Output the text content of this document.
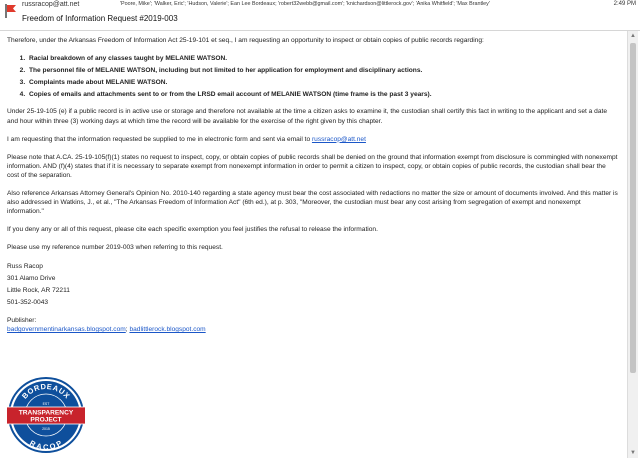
russracop@att.net	'Poore, Mike'; 'Walker, Eric'; 'Hudson, Valerie'; Ean Lee Bordeaux; 'robert32webb@gmail.com'; 'knichardson@littlerock.gov'; 'Anika Whitfield'; 'Max Brantley'	2:49 PM
Freedom of Information Request #2019-003

Therefore, under the Arkansas Freedom of Information Act 25-19-101 et seq., I am requesting an opportunity to inspect or obtain copies of public records regarding:

1. Racial breakdown of any classes taught by MELANIE WATSON.
2. The personnel file of MELANIE WATSON, including but not limited to her application for employment and disciplinary actions.
3. Complaints made about MELANIE WATSON.
4. Copies of emails and attachments sent to or from the LRSD email account of MELANIE WATSON (time frame is the past 3 years).

Under 25-19-105 (e) if a public record is in active use or storage and therefore not available at the time a citizen asks to examine it, the custodian shall certify this fact in writing to the applicant and set a date and hour within three (3) working days at which time the record will be available for the exercise of the right given by this chapter.

I am requesting that the information requested be supplied to me in electronic form and sent via email to russracop@att.net

Please note that A.CA. 25-19-105(f)(1) states no request to inspect, copy, or obtain copies of public records shall be denied on the ground that information exempt from disclosure is commingled with nonexempt information. AND (f)(4) states that if it is necessary to separate exempt from nonexempt information in order to permit a citizen to inspect, copy, or obtain copies of public records, the custodian shall bear the cost of the separation.

Also reference Arkansas Attorney General's Opinion No. 2010-140 regarding a state agency must bear the cost associated with redactions no matter the size or amount of documents involved. And this matter is also addressed in Watkins, J., et al., "The Arkansas Freedom of Information Act" (6th ed.), at p. 303, "Moreover, the custodian must bear any cost arising from segregation of exempt and nonexempt information."

If you deny any or all of this request, please cite each specific exemption you feel justifies the refusal to release the information.

Please use my reference number 2019-003 when referring to this request.

Russ Racop

301 Alamo Drive

Little Rock, AR 72211

501-352-0043

Publisher:

badgovernmentinarkansas.blogspot.com; badlittlerock.blogspot.com

BORDEAUX
RACOP
EST
2015
TRANSPARENCY
PROJECT
▲
▼
